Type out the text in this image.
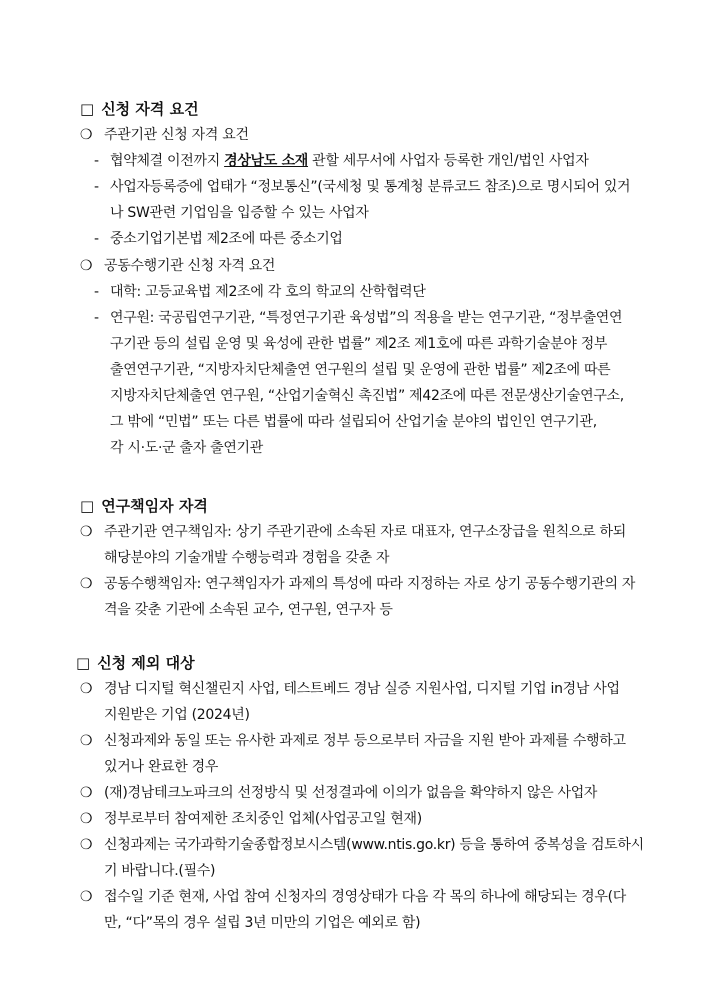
□ 신청 자격 요건
❍ 주관기관 신청 자격 요건
- 협약체결 이전까지 경상남도 소재 관할 세무서에 사업자 등록한 개인/법인 사업자
- 사업자등록증에 업태가 “정보통신”(국세청 및 통계청 분류코드 참조)으로 명시되어 있거
나 SW관련 기업임을 입증할 수 있는 사업자
- 중소기업기본법 제2조에 따른 중소기업
❍ 공동수행기관 신청 자격 요건
- 대학: 고등교육법 제2조에 각 호의 학교의 산학협력단
- 연구원: 국공립연구기관, “특정연구기관 육성법”의 적용을 받는 연구기관, “정부출연연
구기관 등의 설립 운영 및 육성에 관한 법률” 제2조 제1호에 따른 과학기술분야 정부
출연연구기관, “지방자치단체출연 연구원의 설립 및 운영에 관한 법률” 제2조에 따른
지방자치단체출연 연구원, “산업기술혁신 촉진법” 제42조에 따른 전문생산기술연구소,
그 밖에 “민법” 또는 다른 법률에 따라 설립되어 산업기술 분야의 법인인 연구기관,
각 시·도·군 출자 출연기관
□ 연구책임자 자격
❍ 주관기관 연구책임자: 상기 주관기관에 소속된 자로 대표자, 연구소장급을 원칙으로 하되
해당분야의 기술개발 수행능력과 경험을 갖춘 자
❍ 공동수행책임자: 연구책임자가 과제의 특성에 따라 지정하는 자로 상기 공동수행기관의 자
격을 갖춘 기관에 소속된 교수, 연구원, 연구자 등
□ 신청 제외 대상
❍ 경남 디지털 혁신챌린지 사업, 테스트베드 경남 실증 지원사업, 디지털 기업 in경남 사업
지원받은 기업 (2024년)
❍ 신청과제와 동일 또는 유사한 과제로 정부 등으로부터 자금을 지원 받아 과제를 수행하고
있거나 완료한 경우
❍ (재)경남테크노파크의 선정방식 및 선정결과에 이의가 없음을 확약하지 않은 사업자
❍ 정부로부터 참여제한 조치중인 업체(사업공고일 현재)
❍ 신청과제는 국가과학기술종합정보시스템(www.ntis.go.kr) 등을 통하여 중복성을 검토하시
기 바랍니다.(필수)
❍ 접수일 기준 현재, 사업 참여 신청자의 경영상태가 다음 각 목의 하나에 해당되는 경우(다
만, “다”목의 경우 설립 3년 미만의 기업은 예외로 함)
